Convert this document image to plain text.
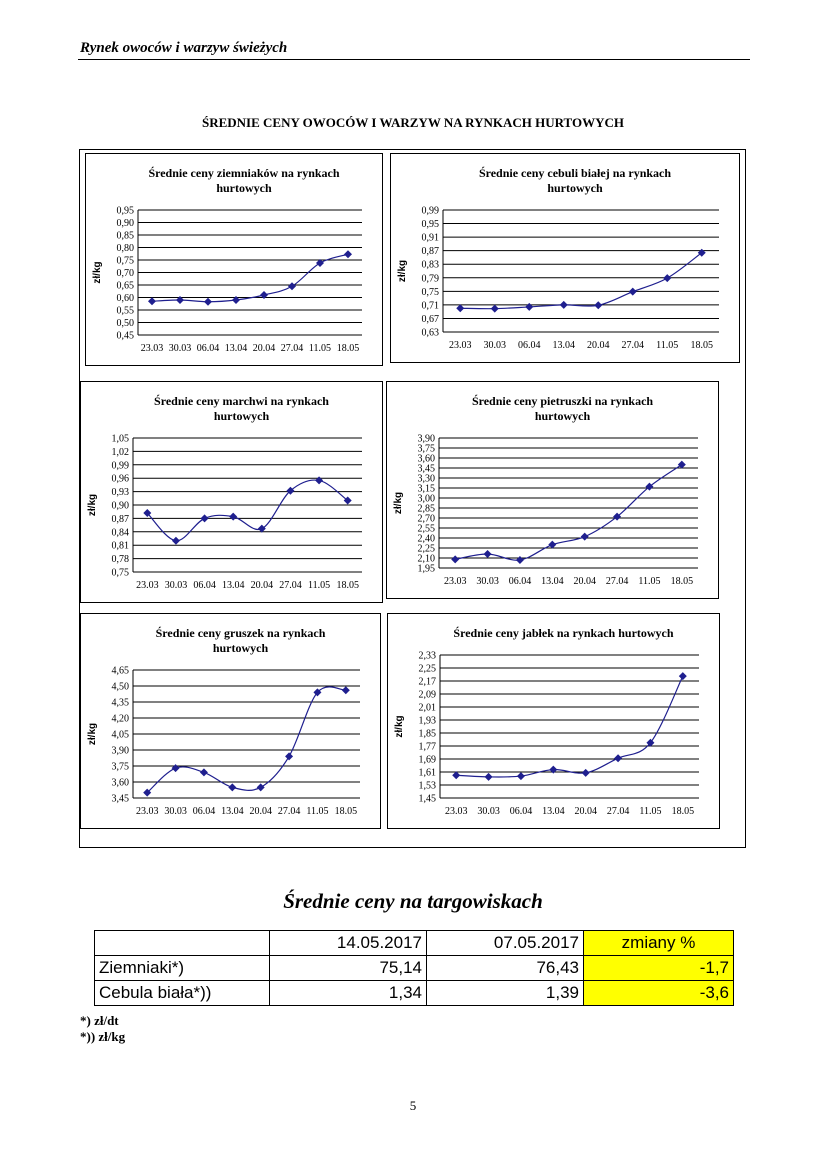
Rynek owoców i warzyw świeżych
ŚREDNIE CENY OWOCÓW I WARZYW NA RYNKACH HURTOWYCH
Średnie ceny ziemniaków na rynkach
hurtowych
0,45
0,50
0,55
0,60
0,65
0,70
0,75
0,80
0,85
0,90
0,95
zł/kg
23.03 30.03 06.04 13.04 20.04 27.04 11.05 18.05
Średnie ceny cebuli białej na rynkach
hurtowych
0,63
0,67
0,71
0,75
0,79
0,83
0,87
0,91
0,95
0,99
zł/kg
23.03 30.03 06.04 13.04 20.04 27.04 11.05 18.05
Średnie ceny marchwi na rynkach
hurtowych
0,75
0,78
0,81
0,84
0,87
0,90
0,93
0,96
0,99
1,02
1,05
zł/kg
23.03 30.03 06.04 13.04 20.04 27.04 11.05 18.05
Średnie ceny pietruszki na rynkach
hurtowych
1,95
2,10
2,25
2,40
2,55
2,70
2,85
3,00
3,15
3,30
3,45
3,60
3,75
3,90
zł/kg
23.03 30.03 06.04 13.04 20.04 27.04 11.05 18.05
Średnie ceny gruszek na rynkach
hurtowych
3,45
3,60
3,75
3,90
4,05
4,20
4,35
4,50
4,65
zł/kg
23.03 30.03 06.04 13.04 20.04 27.04 11.05 18.05
Średnie ceny jabłek na rynkach hurtowych
1,45
1,53
1,61
1,69
1,77
1,85
1,93
2,01
2,09
2,17
2,25
2,33
zł/kg
23.03 30.03 06.04 13.04 20.04 27.04 11.05 18.05
Średnie ceny na targowiskach
	14.05.2017	07.05.2017	zmiany %
Ziemniaki*)	75,14	76,43	-1,7
Cebula biała*))	1,34	1,39	-3,6
*) zł/dt
*)) zł/kg
5
